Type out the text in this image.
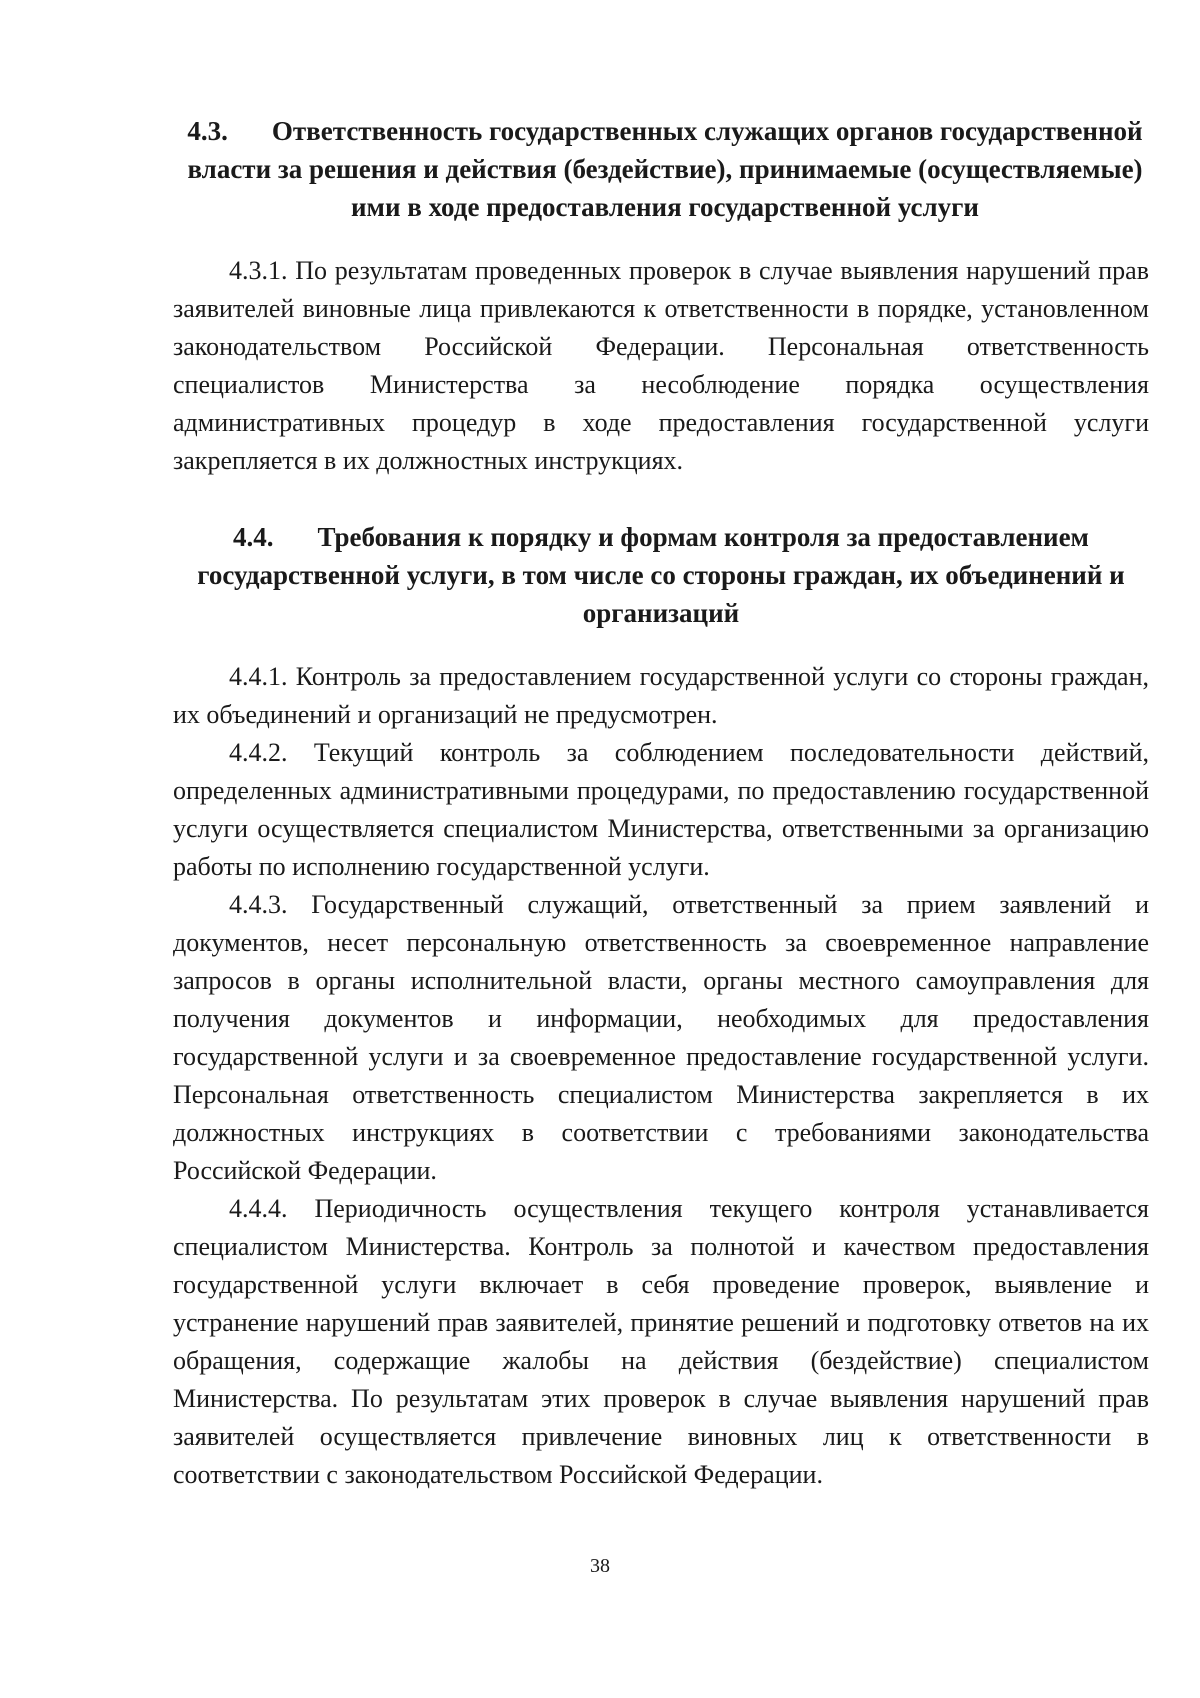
4.3. Ответственность государственных служащих органов государственной власти за решения и действия (бездействие), принимаемые (осуществляемые) ими в ходе предоставления государственной услуги

4.3.1. По результатам проведенных проверок в случае выявления нарушений прав заявителей виновные лица привлекаются к ответственности в порядке, установленном законодательством Российской Федерации. Персональная ответственность специалистов Министерства за несоблюдение порядка осуществления административных процедур в ходе предоставления государственной услуги закрепляется в их должностных инструкциях.

4.4. Требования к порядку и формам контроля за предоставлением государственной услуги, в том числе со стороны граждан, их объединений и организаций

4.4.1. Контроль за предоставлением государственной услуги со стороны граждан, их объединений и организаций не предусмотрен.

4.4.2. Текущий контроль за соблюдением последовательности действий, определенных административными процедурами, по предоставлению государственной услуги осуществляется специалистом Министерства, ответственными за организацию работы по исполнению государственной услуги.

4.4.3. Государственный служащий, ответственный за прием заявлений и документов, несет персональную ответственность за своевременное направление запросов в органы исполнительной власти, органы местного самоуправления для получения документов и информации, необходимых для предоставления государственной услуги и за своевременное предоставление государственной услуги. Персональная ответственность специалистом Министерства закрепляется в их должностных инструкциях в соответствии с требованиями законодательства Российской Федерации.

4.4.4. Периодичность осуществления текущего контроля устанавливается специалистом Министерства. Контроль за полнотой и качеством предоставления государственной услуги включает в себя проведение проверок, выявление и устранение нарушений прав заявителей, принятие решений и подготовку ответов на их обращения, содержащие жалобы на действия (бездействие) специалистом Министерства. По результатам этих проверок в случае выявления нарушений прав заявителей осуществляется привлечение виновных лиц к ответственности в соответствии с законодательством Российской Федерации.

38
